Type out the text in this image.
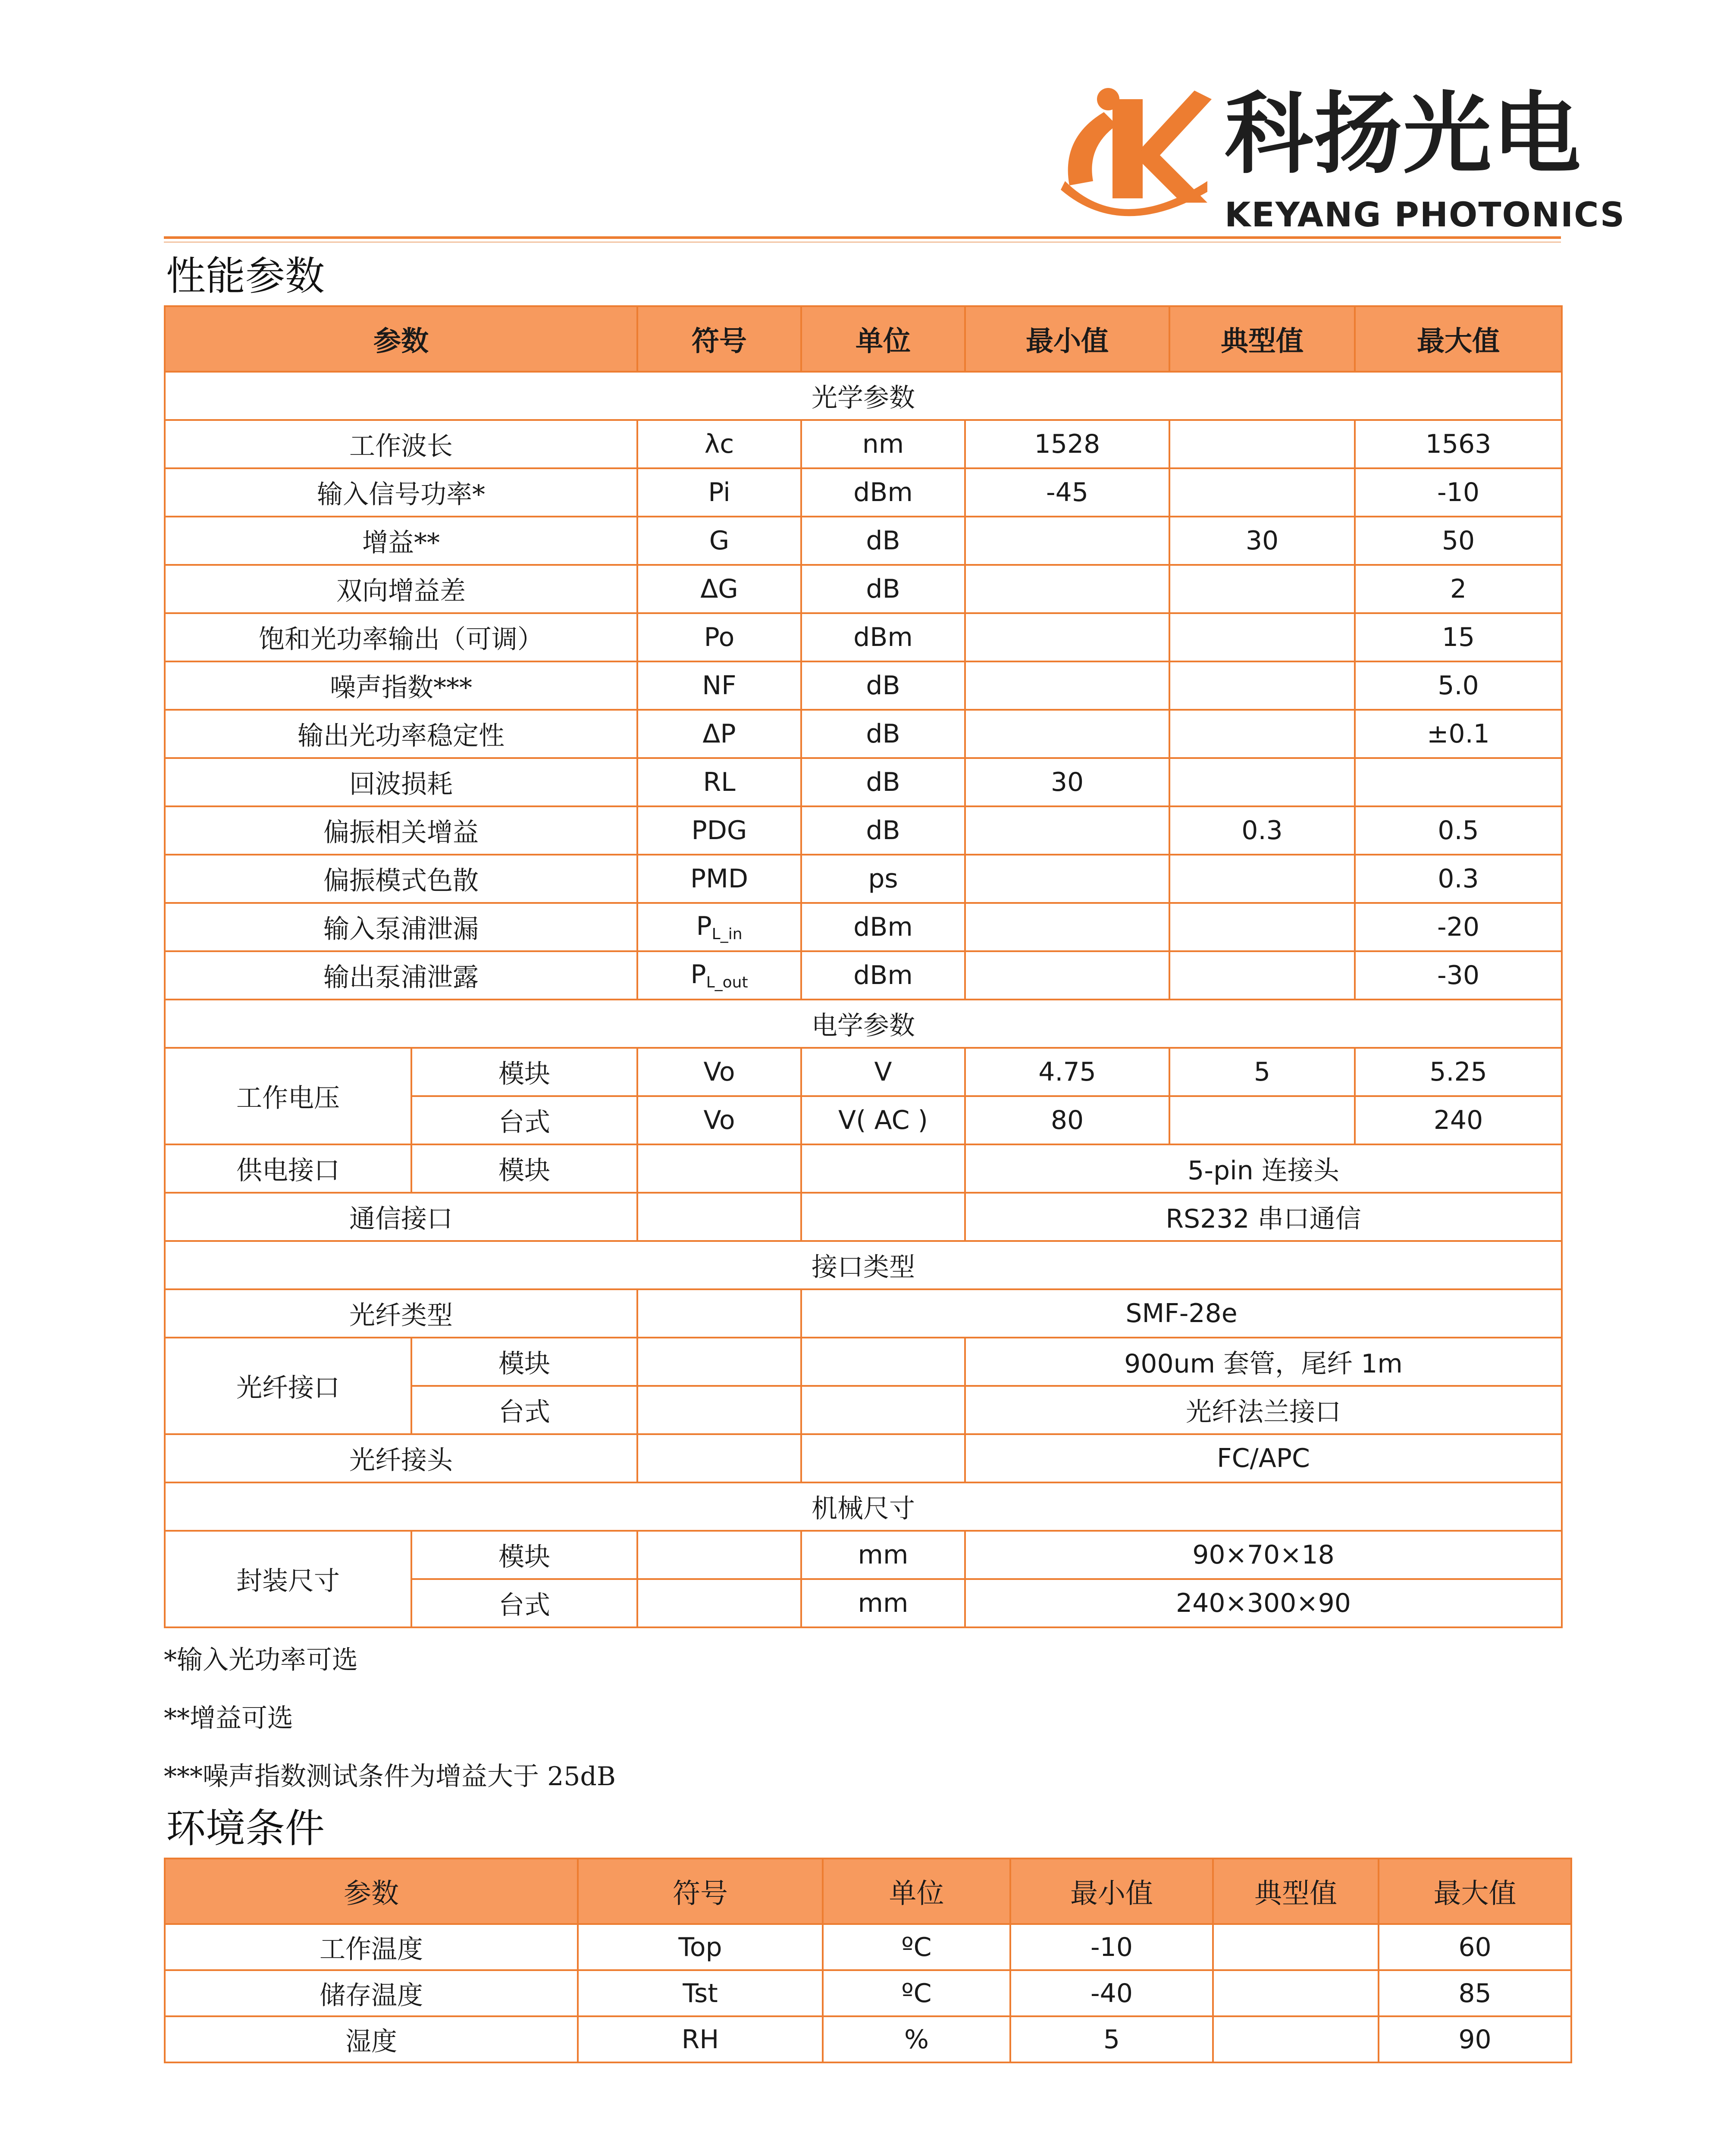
科扬光电
KEYANG PHOTONICS
性能参数
参数		符号	单位	最小值	典型值	最大值
光学参数						
工作波长		λc	nm	1528		1563
输入信号功率*		Pi	dBm	-45		-10
增益**		G	dB		30	50
双向增益差		ΔG	dB			2
饱和光功率输出（可调）		Po	dBm			15
噪声指数***		NF	dB			5.0
输出光功率稳定性		ΔP	dB			±0.1
回波损耗		RL	dB	30		
偏振相关增益		PDG	dB		0.3	0.5
偏振模式色散		PMD	ps			0.3
输入泵浦泄漏		$P_{L\_in}$	dBm			-20
输出泵浦泄露		$P_{L\_out}$	dBm			-30
电学参数						
工作电压	模块	Vo	V	4.75	5	5.25
	台式	Vo	V( AC )	80		240
供电接口	模块			5-pin 连接头		
通信接口				RS232 串口通信		
接口类型						
光纤类型			SMF-28e			
光纤接口	模块			900um 套管，尾纤 1m		
	台式			光纤法兰接口		
光纤接头				FC/APC		
机械尺寸						
封装尺寸	模块		mm	90×70×18		
	台式		mm	240×300×90		
*输入光功率可选
**增益可选
***噪声指数测试条件为增益大于 25dB
环境条件
参数	符号	单位	最小值	典型值	最大值
工作温度	Top	ºC	-10		60
储存温度	Tst	ºC	-40		85
湿度	RH	%	5		90
